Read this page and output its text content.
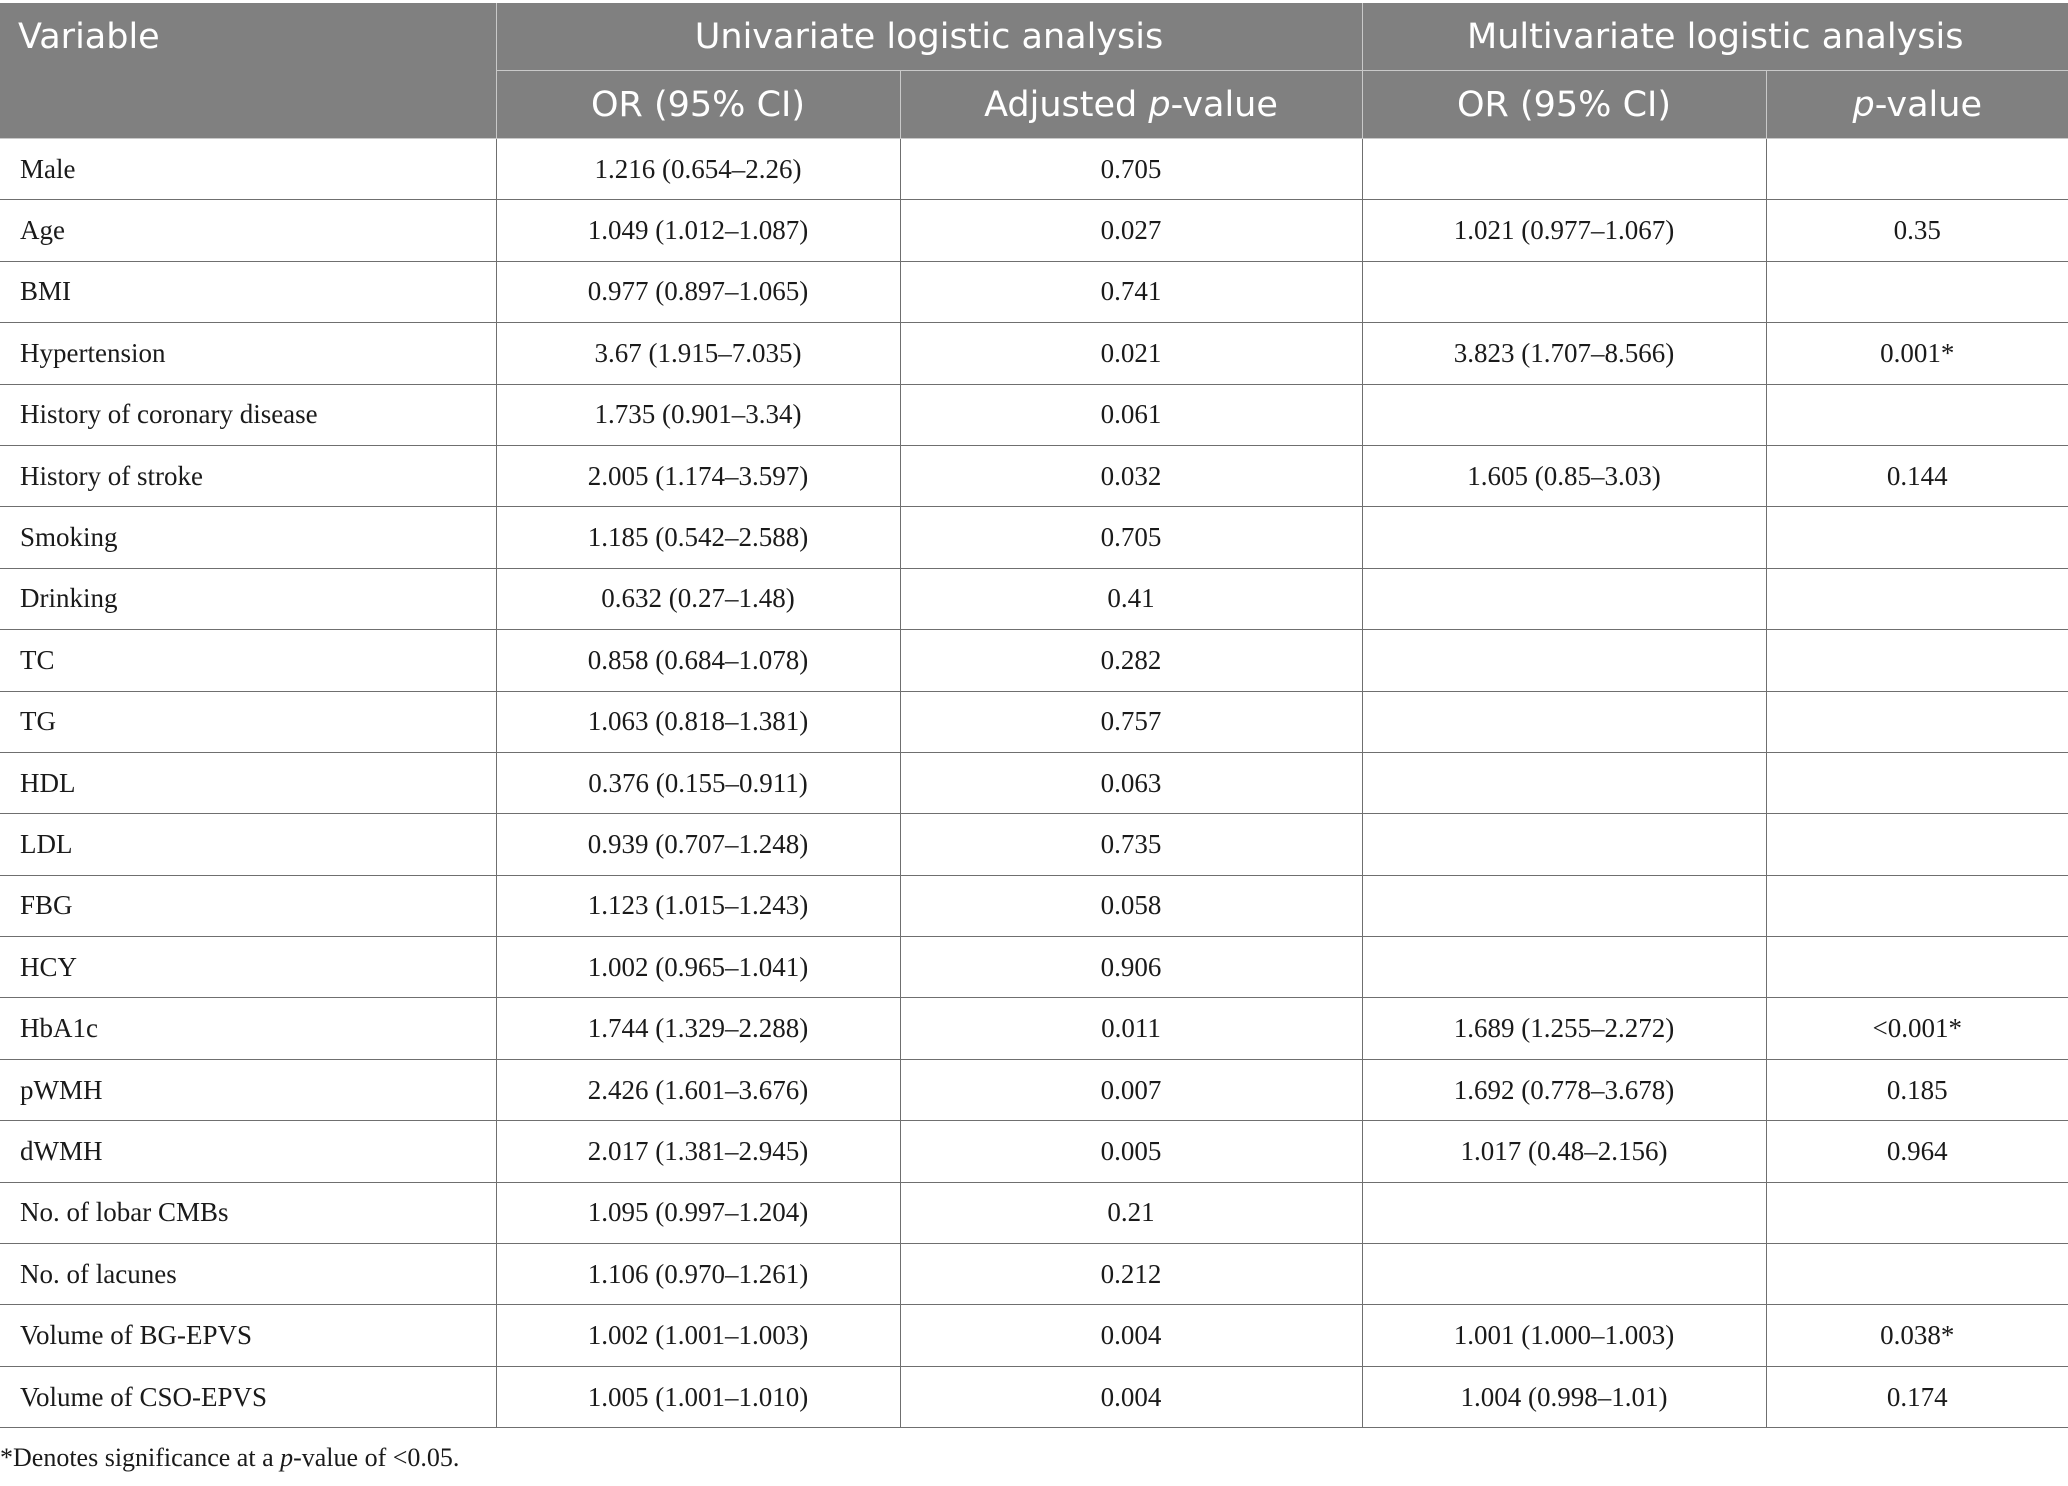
Variable	Univariate logistic analysis		Multivariate logistic analysis	
	OR (95% CI)	Adjusted p-value	OR (95% CI)	p-value
Male	1.216 (0.654–2.26)	0.705		
Age	1.049 (1.012–1.087)	0.027	1.021 (0.977–1.067)	0.35
BMI	0.977 (0.897–1.065)	0.741		
Hypertension	3.67 (1.915–7.035)	0.021	3.823 (1.707–8.566)	0.001*
History of coronary disease	1.735 (0.901–3.34)	0.061		
History of stroke	2.005 (1.174–3.597)	0.032	1.605 (0.85–3.03)	0.144
Smoking	1.185 (0.542–2.588)	0.705		
Drinking	0.632 (0.27–1.48)	0.41		
TC	0.858 (0.684–1.078)	0.282		
TG	1.063 (0.818–1.381)	0.757		
HDL	0.376 (0.155–0.911)	0.063		
LDL	0.939 (0.707–1.248)	0.735		
FBG	1.123 (1.015–1.243)	0.058		
HCY	1.002 (0.965–1.041)	0.906		
HbA1c	1.744 (1.329–2.288)	0.011	1.689 (1.255–2.272)	<0.001*
pWMH	2.426 (1.601–3.676)	0.007	1.692 (0.778–3.678)	0.185
dWMH	2.017 (1.381–2.945)	0.005	1.017 (0.48–2.156)	0.964
No. of lobar CMBs	1.095 (0.997–1.204)	0.21		
No. of lacunes	1.106 (0.970–1.261)	0.212		
Volume of BG-EPVS	1.002 (1.001–1.003)	0.004	1.001 (1.000–1.003)	0.038*
Volume of CSO-EPVS	1.005 (1.001–1.010)	0.004	1.004 (0.998–1.01)	0.174
*Denotes significance at a p-value of <0.05.
